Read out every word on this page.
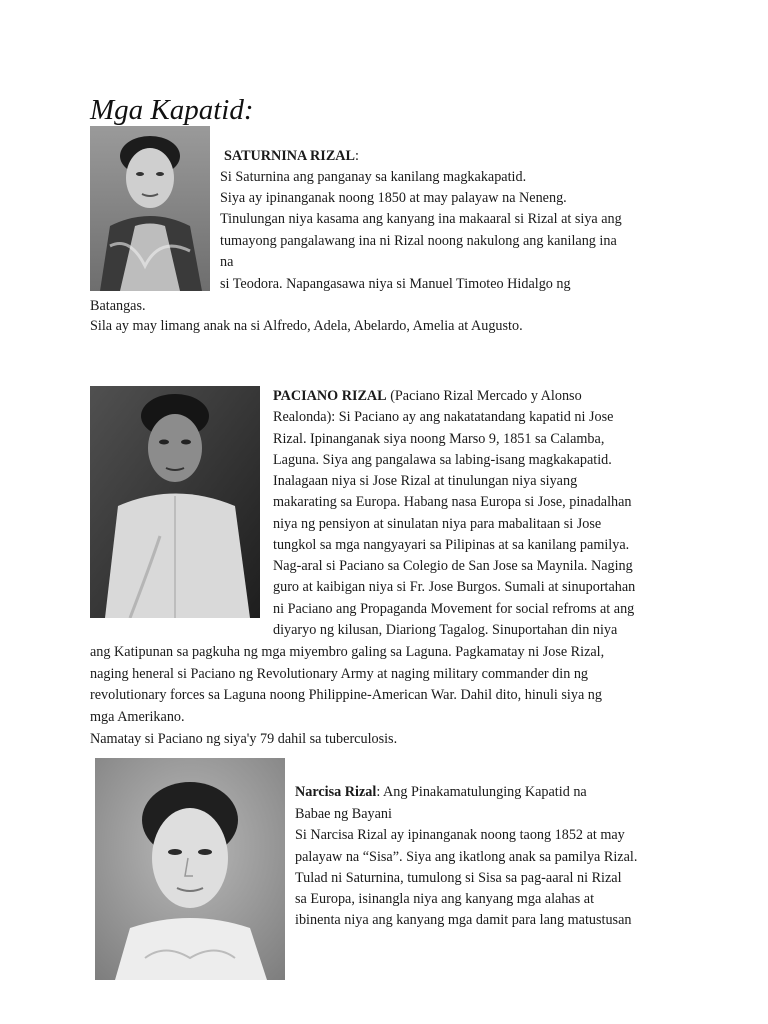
Mga Kapatid:
SATURNINA RIZAL:
Si Saturnina ang panganay sa kanilang magkakapatid.
Siya ay ipinanganak noong 1850 at may palayaw na Neneng.
Tinulungan niya kasama ang kanyang ina makaaral si Rizal at siya ang
tumayong pangalawang ina ni Rizal noong nakulong ang kanilang ina
na
si Teodora. Napangasawa niya si Manuel Timoteo Hidalgo ng
Batangas.
Sila ay may limang anak na si Alfredo, Adela, Abelardo, Amelia at Augusto.
PACIANO RIZAL (Paciano Rizal Mercado y Alonso
Realonda): Si Paciano ay ang nakatatandang kapatid ni Jose
Rizal. Ipinanganak siya noong Marso 9, 1851 sa Calamba,
Laguna. Siya ang pangalawa sa labing-isang magkakapatid.
Inalagaan niya si Jose Rizal at tinulungan niya siyang
makarating sa Europa. Habang nasa Europa si Jose, pinadalhan
niya ng pensiyon at sinulatan niya para mabalitaan si Jose
tungkol sa mga nangyayari sa Pilipinas at sa kanilang pamilya.
Nag-aral si Paciano sa Colegio de San Jose sa Maynila. Naging
guro at kaibigan niya si Fr. Jose Burgos. Sumali at sinuportahan
ni Paciano ang Propaganda Movement for social refroms at ang
diyaryo ng kilusan, Diariong Tagalog. Sinuportahan din niya
ang Katipunan sa pagkuha ng mga miyembro galing sa Laguna. Pagkamatay ni Jose Rizal,
naging heneral si Paciano ng Revolutionary Army at naging military commander din ng
revolutionary forces sa Laguna noong Philippine-American War. Dahil dito, hinuli siya ng
mga Amerikano.
Namatay si Paciano ng siya'y 79 dahil sa tuberculosis.
Narcisa Rizal: Ang Pinakamatulunging Kapatid na
Babae ng Bayani
Si Narcisa Rizal ay ipinanganak noong taong 1852 at may
palayaw na “Sisa”. Siya ang ikatlong anak sa pamilya Rizal.
Tulad ni Saturnina, tumulong si Sisa sa pag-aaral ni Rizal
sa Europa, isinangla niya ang kanyang mga alahas at
ibinenta niya ang kanyang mga damit para lang matustusan
